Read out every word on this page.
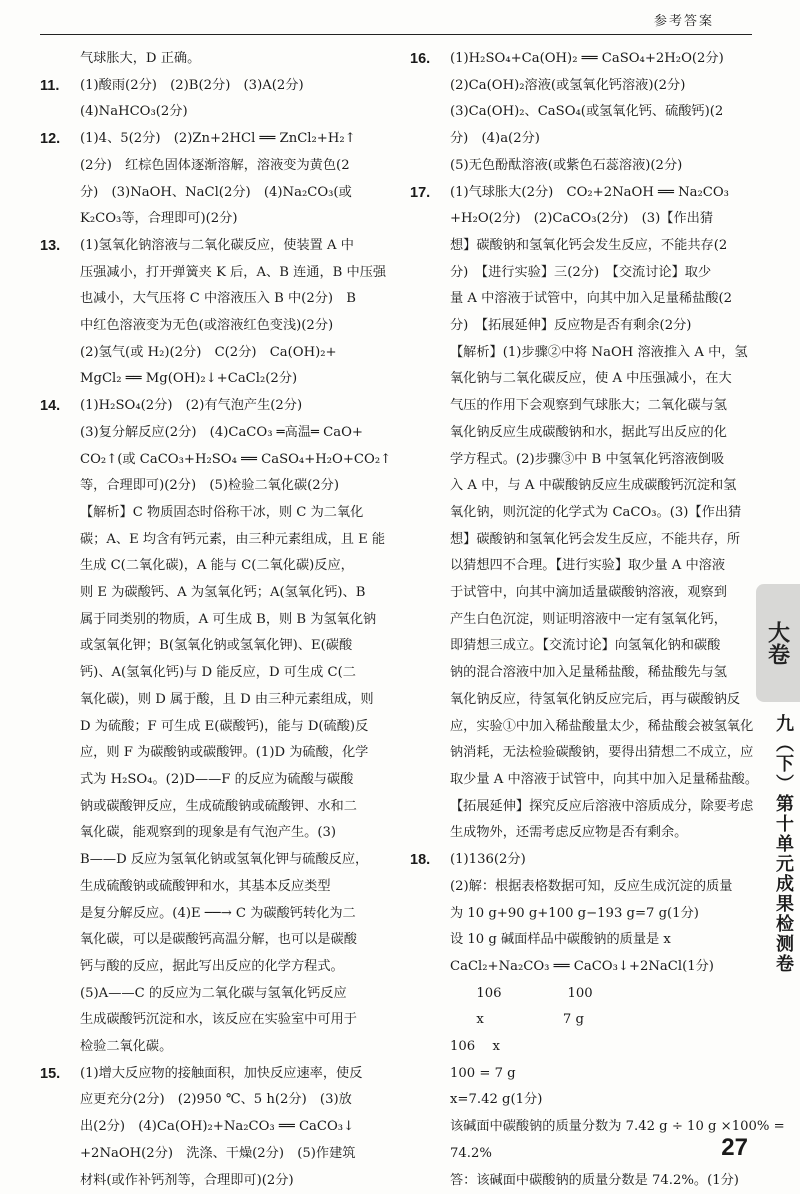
参考答案
气球胀大，D 正确。
11.	(1)酸雨(2分)　(2)B(2分)　(3)A(2分)
(4)NaHCO₃(2分)
12.	(1)4、5(2分)　(2)Zn+2HCl ══ ZnCl₂+H₂↑
(2分)　红棕色固体逐渐溶解，溶液变为黄色(2
分)　(3)NaOH、NaCl(2分)　(4)Na₂CO₃(或
K₂CO₃等，合理即可)(2分)
13.	(1)氢氧化钠溶液与二氧化碳反应，使装置 A 中
压强减小，打开弹簧夹 K 后，A、B 连通，B 中压强
也减小，大气压将 C 中溶液压入 B 中(2分)　B
中红色溶液变为无色(或溶液红色变浅)(2分)
(2)氢气(或 H₂)(2分)　C(2分)　Ca(OH)₂+
MgCl₂ ══ Mg(OH)₂↓+CaCl₂(2分)
14.	(1)H₂SO₄(2分)　(2)有气泡产生(2分)
(3)复分解反应(2分)　(4)CaCO₃ ═高温═ CaO+
CO₂↑(或 CaCO₃+H₂SO₄ ══ CaSO₄+H₂O+CO₂↑
等，合理即可)(2分)　(5)检验二氧化碳(2分)
【解析】C 物质固态时俗称干冰，则 C 为二氧化
碳；A、E 均含有钙元素，由三种元素组成，且 E 能
生成 C(二氧化碳)，A 能与 C(二氧化碳)反应，
则 E 为碳酸钙、A 为氢氧化钙；A(氢氧化钙)、B
属于同类别的物质，A 可生成 B，则 B 为氢氧化钠
或氢氧化钾；B(氢氧化钠或氢氧化钾)、E(碳酸
钙)、A(氢氧化钙)与 D 能反应，D 可生成 C(二
氧化碳)，则 D 属于酸，且 D 由三种元素组成，则
D 为硫酸；F 可生成 E(碳酸钙)，能与 D(硫酸)反
应，则 F 为碳酸钠或碳酸钾。(1)D 为硫酸，化学
式为 H₂SO₄。(2)D——F 的反应为硫酸与碳酸
钠或碳酸钾反应，生成硫酸钠或硫酸钾、水和二
氧化碳，能观察到的现象是有气泡产生。(3)
B——D 反应为氢氧化钠或氢氧化钾与硫酸反应，
生成硫酸钠或硫酸钾和水，其基本反应类型
是复分解反应。(4)E ──→ C 为碳酸钙转化为二
氧化碳，可以是碳酸钙高温分解，也可以是碳酸
钙与酸的反应，据此写出反应的化学方程式。
(5)A——C 的反应为二氧化碳与氢氧化钙反应
生成碳酸钙沉淀和水，该反应在实验室中可用于
检验二氧化碳。
15.	(1)增大反应物的接触面积，加快反应速率，使反
应更充分(2分)　(2)950 ℃、5 h(2分)　(3)放
出(2分)　(4)Ca(OH)₂+Na₂CO₃ ══ CaCO₃↓
+2NaOH(2分)　洗涤、干燥(2分)　(5)作建筑
材料(或作补钙剂等，合理即可)(2分)
16.	(1)H₂SO₄+Ca(OH)₂ ══ CaSO₄+2H₂O(2分)
(2)Ca(OH)₂溶液(或氢氧化钙溶液)(2分)
(3)Ca(OH)₂、CaSO₄(或氢氧化钙、硫酸钙)(2
分)　(4)a(2分)
(5)无色酚酞溶液(或紫色石蕊溶液)(2分)
17.	(1)气球胀大(2分)　CO₂+2NaOH ══ Na₂CO₃
+H₂O(2分)　(2)CaCO₃(2分)　(3)【作出猜
想】碳酸钠和氢氧化钙会发生反应，不能共存(2
分)　【进行实验】三(2分)　【交流讨论】取少
量 A 中溶液于试管中，向其中加入足量稀盐酸(2
分)　【拓展延伸】反应物是否有剩余(2分)
【解析】(1)步骤②中将 NaOH 溶液推入 A 中，氢
氧化钠与二氧化碳反应，使 A 中压强减小，在大
气压的作用下会观察到气球胀大；二氧化碳与氢
氧化钠反应生成碳酸钠和水，据此写出反应的化
学方程式。(2)步骤③中 B 中氢氧化钙溶液倒吸
入 A 中，与 A 中碳酸钠反应生成碳酸钙沉淀和氢
氧化钠，则沉淀的化学式为 CaCO₃。(3)【作出猜
想】碳酸钠和氢氧化钙会发生反应，不能共存，所
以猜想四不合理。【进行实验】取少量 A 中溶液
于试管中，向其中滴加适量碳酸钠溶液，观察到
产生白色沉淀，则证明溶液中一定有氢氧化钙，
即猜想三成立。【交流讨论】向氢氧化钠和碳酸
钠的混合溶液中加入足量稀盐酸，稀盐酸先与氢
氧化钠反应，待氢氧化钠反应完后，再与碳酸钠反
应，实验①中加入稀盐酸量太少，稀盐酸会被氢氧化
钠消耗，无法检验碳酸钠，要得出猜想二不成立，应
取少量 A 中溶液于试管中，向其中加入足量稀盐酸。
【拓展延伸】探究反应后溶液中溶质成分，除要考虑
生成物外，还需考虑反应物是否有剩余。
18.	(1)136(2分)
(2)解：根据表格数据可知，反应生成沉淀的质量
为 10 g+90 g+100 g−193 g=7 g(1分)
设 10 g 碱面样品中碳酸钠的质量是 x
CaCl₂+Na₂CO₃ ══ CaCO₃↓+2NaCl(1分)
　　106　　　　　100
　　x　　　　　　7 g
106　 x
100 = 7 g
x=7.42 g(1分)
该碱面中碳酸钠的质量分数为 7.42 g ÷ 10 g ×100% =
74.2%
答：该碱面中碳酸钠的质量分数是 74.2%。(1分)
大卷
九（下）第十单元成果检测卷
27
